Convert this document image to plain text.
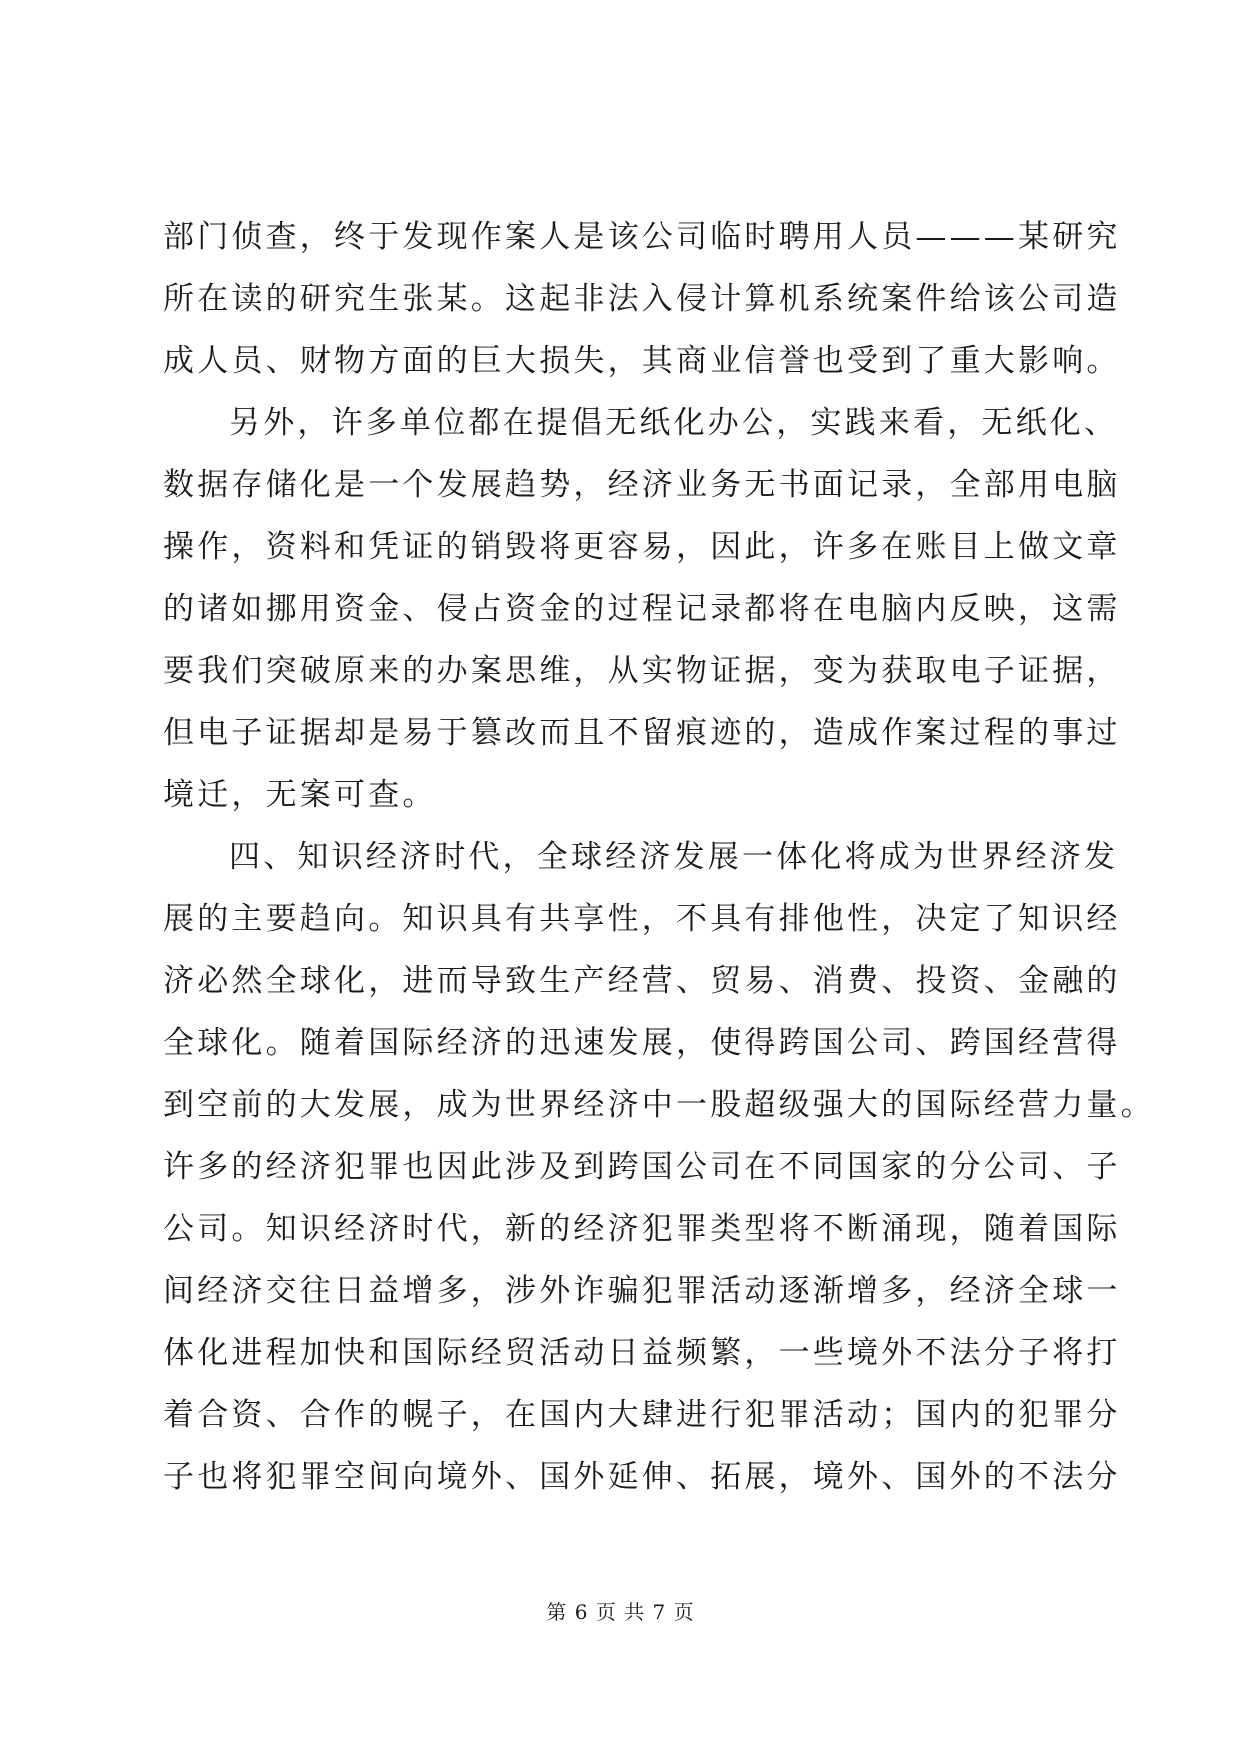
部门侦查，终于发现作案人是该公司临时聘用人员———某研究
所在读的研究生张某。这起非法入侵计算机系统案件给该公司造
成人员、财物方面的巨大损失，其商业信誉也受到了重大影响。
另外，许多单位都在提倡无纸化办公，实践来看，无纸化、
数据存储化是一个发展趋势，经济业务无书面记录，全部用电脑
操作，资料和凭证的销毁将更容易，因此，许多在账目上做文章
的诸如挪用资金、侵占资金的过程记录都将在电脑内反映，这需
要我们突破原来的办案思维，从实物证据，变为获取电子证据，
但电子证据却是易于篡改而且不留痕迹的，造成作案过程的事过
境迁，无案可查。
四、知识经济时代，全球经济发展一体化将成为世界经济发
展的主要趋向。知识具有共享性，不具有排他性，决定了知识经
济必然全球化，进而导致生产经营、贸易、消费、投资、金融的
全球化。随着国际经济的迅速发展，使得跨国公司、跨国经营得
到空前的大发展，成为世界经济中一股超级强大的国际经营力量。
许多的经济犯罪也因此涉及到跨国公司在不同国家的分公司、子
公司。知识经济时代，新的经济犯罪类型将不断涌现，随着国际
间经济交往日益增多，涉外诈骗犯罪活动逐渐增多，经济全球一
体化进程加快和国际经贸活动日益频繁，一些境外不法分子将打
着合资、合作的幌子，在国内大肆进行犯罪活动；国内的犯罪分
子也将犯罪空间向境外、国外延伸、拓展，境外、国外的不法分
第 6 页 共 7 页
